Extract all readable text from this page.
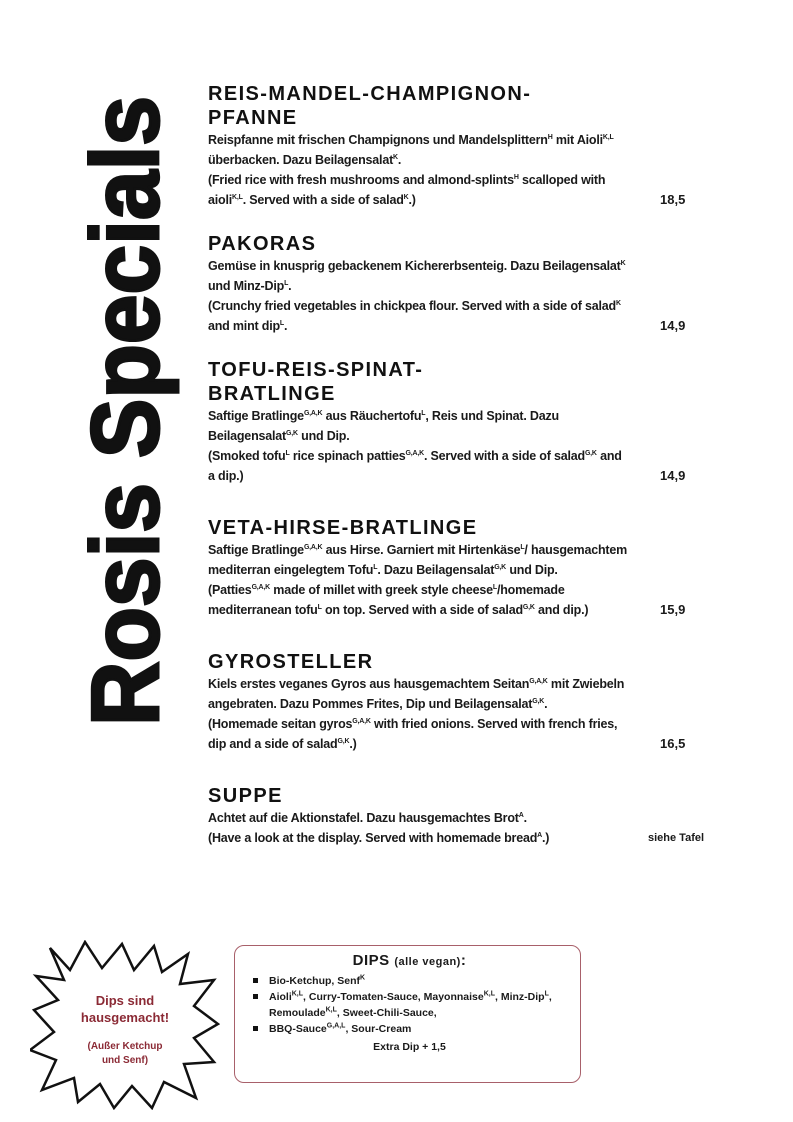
Rosis Specials REIS-MANDEL-CHAMPIGNON-PFANNE

Reispfanne mit frischen Champignons und Mandelsplittern$^H$ mit Aioli$^{K,L}$ überbacken. Dazu Beilagensalat$^K$.

(Fried rice with fresh mushrooms and almond-splints$^H$ scalloped with aioli$^{K,L}$. Served with a side of salad$^K$.)	18,5
PAKORAS

Gemüse in knusprig gebackenem Kichererbsenteig. Dazu Beilagensalat$^K$ und Minz-Dip$^L$.

(Crunchy fried vegetables in chickpea flour. Served with a side of salad$^K$ and mint dip$^L$.	14,9
TOFU-REIS-SPINAT-BRATLINGE

Saftige Bratlinge$^{G,A,K}$ aus Räuchertofu$^L$, Reis und Spinat. Dazu Beilagensalat$^{G,K}$ und Dip.

(Smoked tofu$^L$ rice spinach patties$^{G,A,K}$. Served with a side of salad$^{G,K}$ and a dip.)	14,9
VETA-HIRSE-BRATLINGE

Saftige Bratlinge$^{G,A,K}$ aus Hirse. Garniert mit Hirtenkäse$^L$/ hausgemachtem mediterran eingelegtem Tofu$^L$. Dazu Beilagensalat$^{G,K}$ und Dip.

(Patties$^{G,A,K}$ made of millet with greek style cheese$^L$/homemade mediterranean tofu$^L$ on top. Served with a side of salad$^{G,K}$ and dip.)	15,9
GYROSTELLER

Kiels erstes veganes Gyros aus hausgemachtem Seitan$^{G,A,K}$ mit Zwiebeln angebraten. Dazu Pommes Frites, Dip und Beilagensalat$^{G,K}$.

(Homemade seitan gyros$^{G,A,K}$ with fried onions. Served with french fries, dip and a side of salad$^{G,K}$.)	16,5
SUPPE

Achtet auf die Aktionstafel. Dazu hausgemachtes Brot$^A$.

(Have a look at the display. Served with homemade bread$^A$.)	siehe Tafel
DIPS (alle vegan):
Bio-Ketchup, Senf$^K$
Aioli$^{K,L}$, Curry-Tomaten-Sauce, Mayonnaise$^{K,L}$, Minz-Dip$^L$, Remoulade$^{K,L}$, Sweet-Chili-Sauce,
BBQ-Sauce$^{G,A,L}$, Sour-Cream
Extra Dip + 1,5
Dips sind
hausgemacht!
(Außer Ketchup
und Senf)
